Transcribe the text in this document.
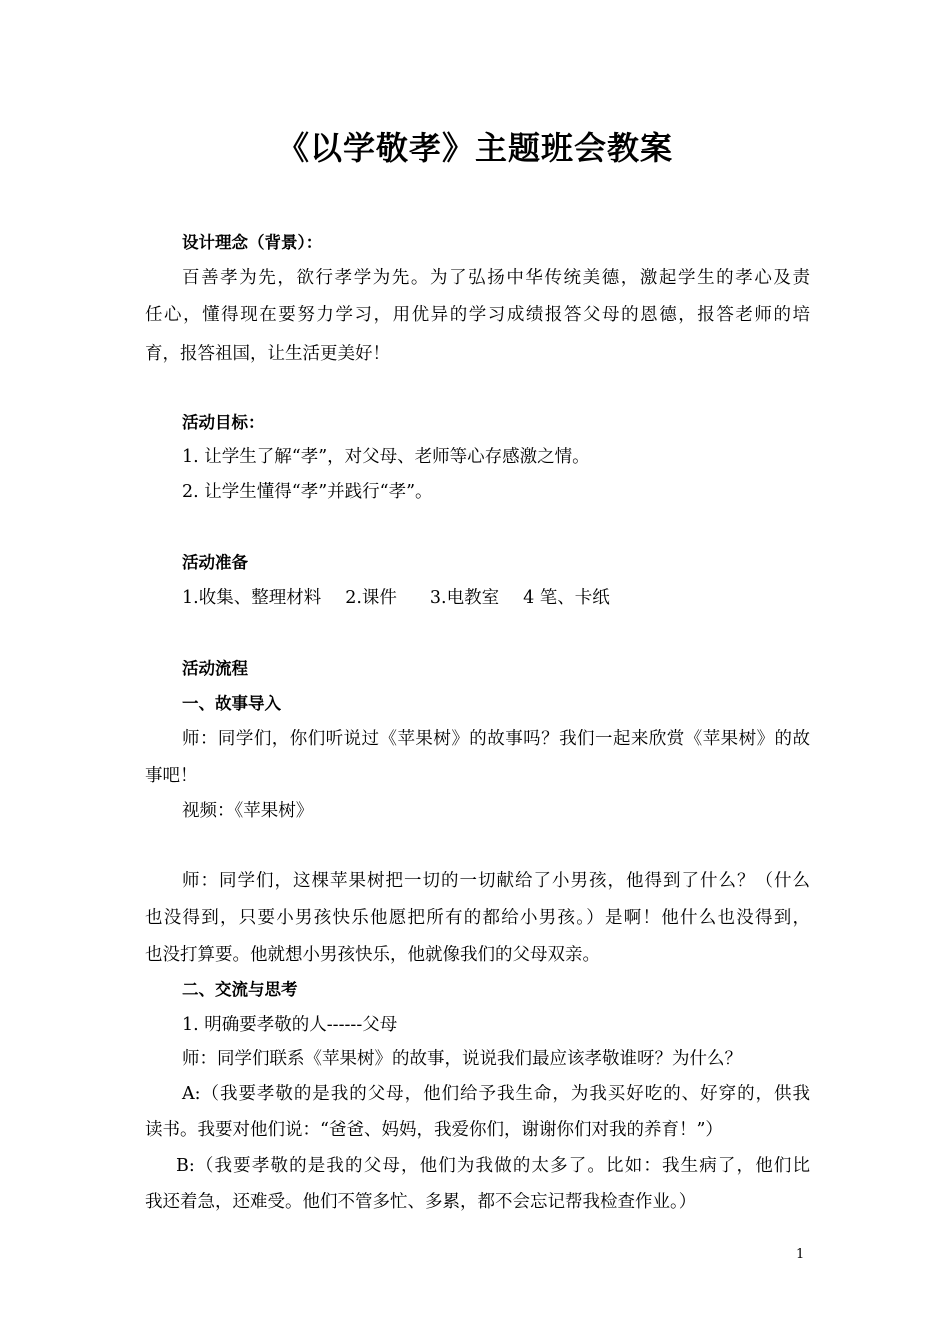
《以学敬孝》主题班会教案
设计理念（背景）：
百善孝为先，欲行孝学为先。为了弘扬中华传统美德，激起学生的孝心及责
任心，懂得现在要努力学习，用优异的学习成绩报答父母的恩德，报答老师的培
育，报答祖国，让生活更美好！
活动目标：
1. 让学生了解“孝”，对父母、老师等心存感激之情。
2. 让学生懂得“孝”并践行“孝”。
活动准备
1.收集、整理材料 2.课件 3.电教室 4 笔、卡纸
活动流程
一、故事导入
师：同学们，你们听说过《苹果树》的故事吗？我们一起来欣赏《苹果树》的故
事吧！
视频：《苹果树》
师：同学们，这棵苹果树把一切的一切献给了小男孩，他得到了什么？（什么
也没得到，只要小男孩快乐他愿把所有的都给小男孩。）是啊！他什么也没得到，
也没打算要。他就想小男孩快乐，他就像我们的父母双亲。
二、交流与思考
1. 明确要孝敬的人------父母
师：同学们联系《苹果树》的故事，说说我们最应该孝敬谁呀？为什么？
A:（我要孝敬的是我的父母，他们给予我生命，为我买好吃的、好穿的，供我
读书。我要对他们说：“爸爸、妈妈，我爱你们，谢谢你们对我的养育！”）
B:（我要孝敬的是我的父母，他们为我做的太多了。比如：我生病了，他们比
我还着急，还难受。他们不管多忙、多累，都不会忘记帮我检查作业。）
1
